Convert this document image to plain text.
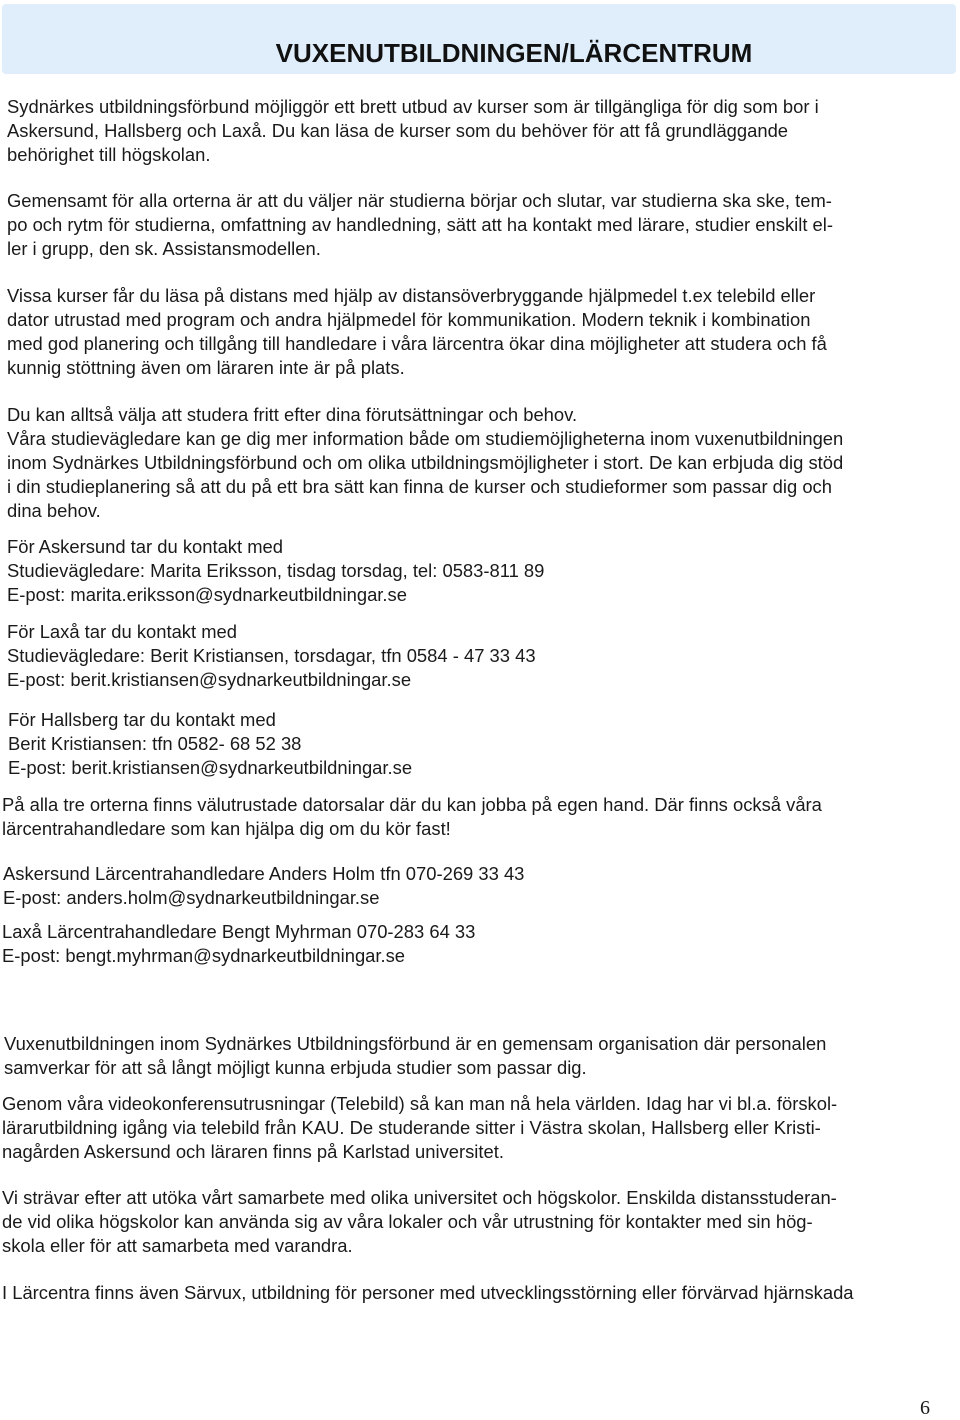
VUXENUTBILDNINGEN/LÄRCENTRUM

Sydnärkes utbildningsförbund möjliggör ett brett utbud av kurser som är tillgängliga för dig som bor i
Askersund, Hallsberg och Laxå. Du kan läsa de kurser som du behöver för att få grundläggande
behörighet till högskolan.

Gemensamt för alla orterna är att du väljer när studierna börjar och slutar, var studierna ska ske, tem-
po och rytm för studierna, omfattning av handledning, sätt att ha kontakt med lärare, studier enskilt el-
ler i grupp, den sk. Assistansmodellen.

Vissa kurser får du läsa på distans med hjälp av distansöverbryggande hjälpmedel t.ex telebild eller
dator utrustad med program och andra hjälpmedel för kommunikation. Modern teknik i kombination
med god planering och tillgång till handledare i våra lärcentra ökar dina möjligheter att studera och få
kunnig stöttning även om läraren inte är på plats.

Du kan alltså välja att studera fritt efter dina förutsättningar och behov.
Våra studievägledare kan ge dig mer information både om studiemöjligheterna inom vuxenutbildningen
inom Sydnärkes Utbildningsförbund och om olika utbildningsmöjligheter i stort. De kan erbjuda dig stöd
i din studieplanering så att du på ett bra sätt kan finna de kurser och studieformer som passar dig och
dina behov.

För Askersund tar du kontakt med
Studievägledare: Marita Eriksson, tisdag torsdag, tel: 0583-811 89
E-post: marita.eriksson@sydnarkeutbildningar.se

För Laxå tar du kontakt med
Studievägledare: Berit Kristiansen, torsdagar, tfn 0584 - 47 33 43
E-post: berit.kristiansen@sydnarkeutbildningar.se

För Hallsberg tar du kontakt med
Berit Kristiansen: tfn 0582- 68 52 38
E-post: berit.kristiansen@sydnarkeutbildningar.se

På alla tre orterna finns välutrustade datorsalar där du kan jobba på egen hand. Där finns också våra
lärcentrahandledare som kan hjälpa dig om du kör fast!

Askersund Lärcentrahandledare Anders Holm tfn 070-269 33 43
E-post: anders.holm@sydnarkeutbildningar.se

Laxå Lärcentrahandledare Bengt Myhrman 070-283 64 33
E-post: bengt.myhrman@sydnarkeutbildningar.se

Vuxenutbildningen inom Sydnärkes Utbildningsförbund är en gemensam organisation där personalen
samverkar för att så långt möjligt kunna erbjuda studier som passar dig.

Genom våra videokonferensutrusningar (Telebild) så kan man nå hela världen. Idag har vi bl.a. förskol-
lärarutbildning igång via telebild från KAU. De studerande sitter i Västra skolan, Hallsberg eller Kristi-
nagården Askersund och läraren finns på Karlstad universitet.

Vi strävar efter att utöka vårt samarbete med olika universitet och högskolor. Enskilda distansstuderan-
de vid olika högskolor kan använda sig av våra lokaler och vår utrustning för kontakter med sin hög-
skola eller för att samarbeta med varandra.

I Lärcentra finns även Särvux, utbildning för personer med utvecklingsstörning eller förvärvad hjärnskada

6
